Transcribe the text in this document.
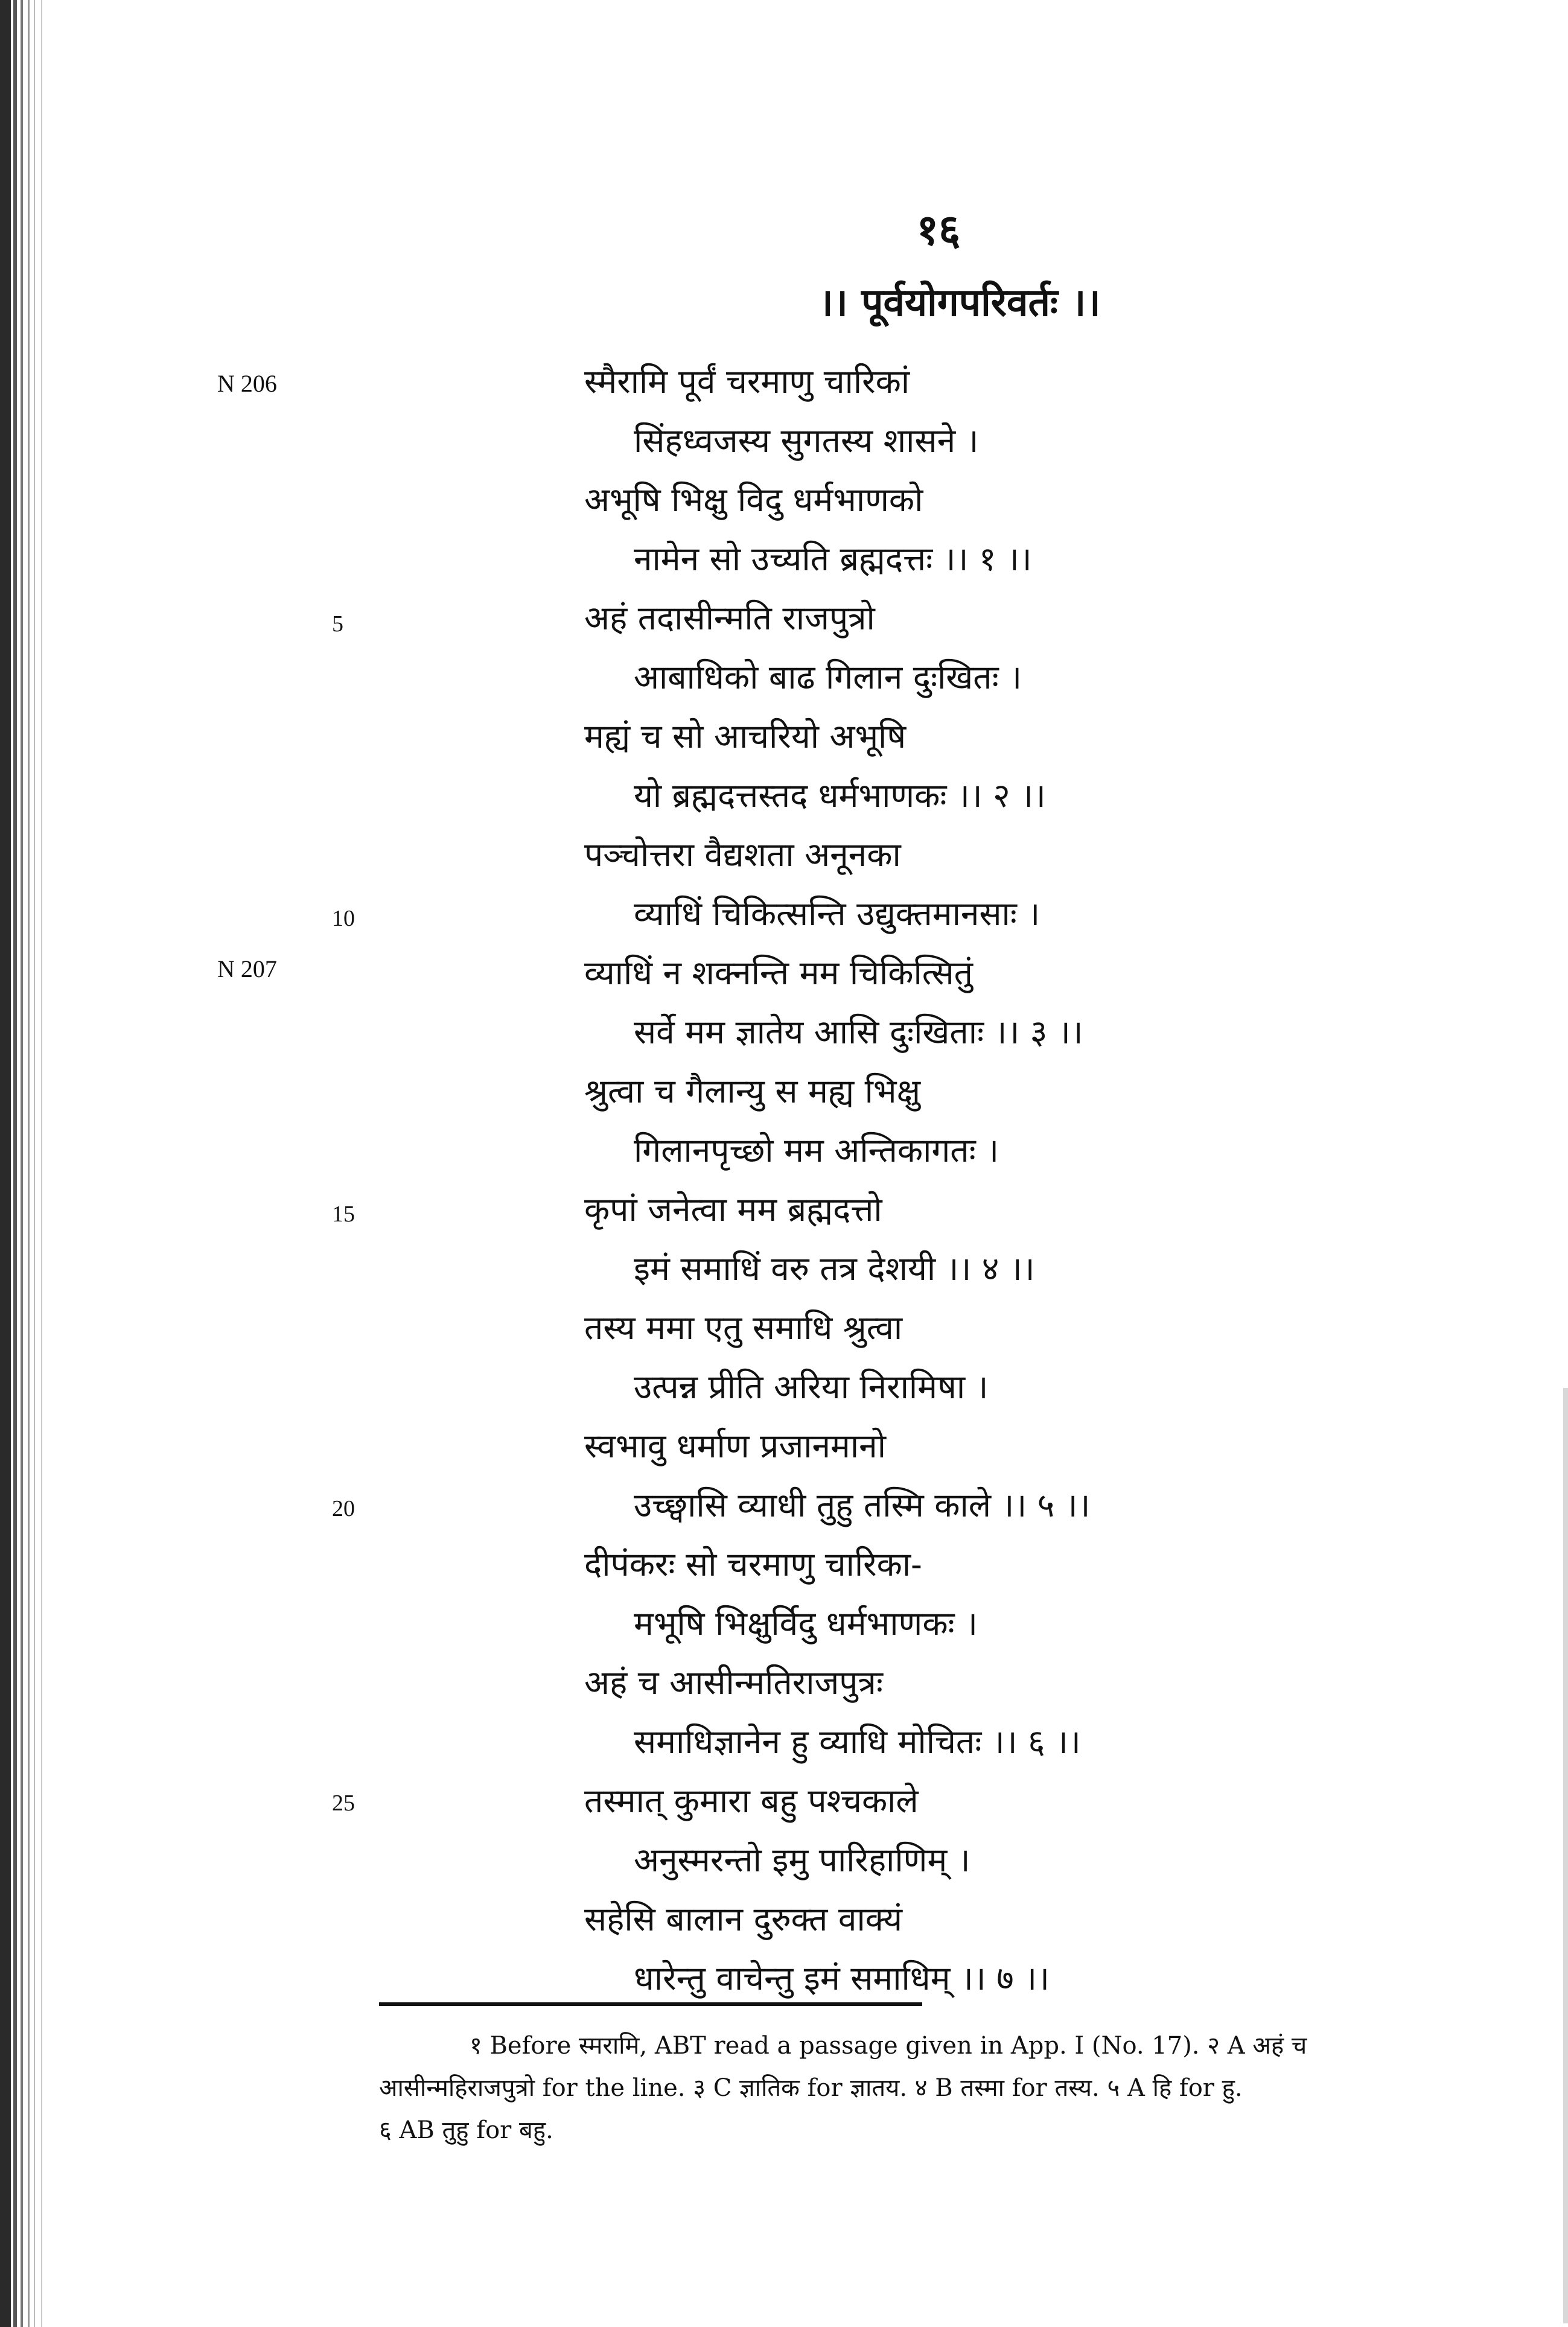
१६
।। पूर्वयोगपरिवर्तः ।।
N 206
N 207
5
10
15
20
25
स्मैरामि पूर्वं चरमाणु चारिकां
सिंहध्वजस्य सुगतस्य शासने ।
अभूषि भिक्षु विदु धर्मभाणको
नामेन सो उच्यति ब्रह्मदत्तः ।। १ ।।
अहं तदासीन्मति राजपुत्रो
आबाधिको बाढ गिलान दुःखितः ।
मह्यं च सो आचरियो अभूषि
यो ब्रह्मदत्तस्तद धर्मभाणकः ।। २ ।।
पञ्चोत्तरा वैद्यशता अनूनका
व्याधिं चिकित्सन्ति उद्युक्तमानसाः ।
व्याधिं न शक्नन्ति मम चिकित्सितुं
सर्वे मम ज्ञातेय आसि दुःखिताः ।। ३ ।।
श्रुत्वा च गैलान्यु स मह्य भिक्षु
गिलानपृच्छो मम अन्तिकागतः ।
कृपां जनेत्वा मम ब्रह्मदत्तो
इमं समाधिं वरु तत्र देशयी ।। ४ ।।
तस्य ममा एतु समाधि श्रुत्वा
उत्पन्न प्रीति अरिया निरामिषा ।
स्वभावु धर्माण प्रजानमानो
उच्छ्वासि व्याधी तुहु तस्मि काले ।। ५ ।।
दीपंकरः सो चरमाणु चारिका-
मभूषि भिक्षुर्विदु धर्मभाणकः ।
अहं च आसीन्मतिराजपुत्रः
समाधिज्ञानेन हु व्याधि मोचितः ।। ६ ।।
तस्मात् कुमारा बहु पश्चकाले
अनुस्मरन्तो इमु पारिहाणिम् ।
सहेसि बालान दुरुक्त वाक्यं
धारेन्तु वाचेन्तु इमं समाधिम् ।। ७ ।।

१ Before स्मरामि, ABT read a passage given in App. I (No. 17). २ A अहं च

आसीन्महिराजपुत्रो for the line. ३ C ज्ञातिक for ज्ञातय. ४ B तस्मा for तस्य. ५ A हि for हु.

६ AB तुहु for बहु.
